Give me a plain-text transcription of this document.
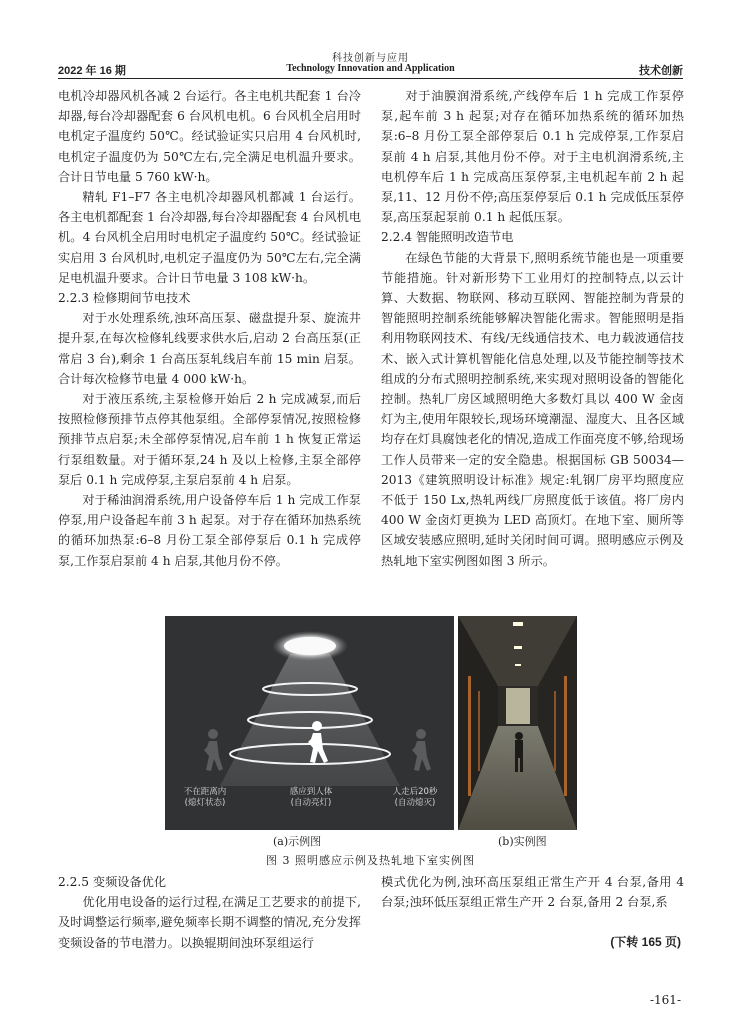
科技创新与应用
2022 年 16 期	Technology Innovation and Application	技术创新

电机冷却器风机各减 2 台运行。各主电机共配套 1 台冷却器,每台冷却器配套 6 台风机电机。6 台风机全启用时电机定子温度约 50℃。经试验证实只启用 4 台风机时,电机定子温度仍为 50℃左右,完全满足电机温升要求。合计日节电量 5 760 kW·h。

精轧 F1–F7 各主电机冷却器风机都减 1 台运行。各主电机都配套 1 台冷却器,每台冷却器配套 4 台风机电机。4 台风机全启用时电机定子温度约 50℃。经试验证实启用 3 台风机时,电机定子温度仍为 50℃左右,完全满足电机温升要求。合计日节电量 3 108 kW·h。

2.2.3 检修期间节电技术

对于水处理系统,浊环高压泵、磁盘提升泵、旋流井提升泵,在每次检修轧线要求供水后,启动 2 台高压泵(正常启 3 台),剩余 1 台高压泵轧线启车前 15 min 启泵。合计每次检修节电量 4 000 kW·h。

对于液压系统,主泵检修开始后 2 h 完成减泵,而后按照检修预排节点停其他泵组。全部停泵情况,按照检修预排节点启泵;未全部停泵情况,启车前 1 h 恢复正常运行泵组数量。对于循环泵,24 h 及以上检修,主泵全部停泵后 0.1 h 完成停泵,主泵启泵前 4 h 启泵。

对于稀油润滑系统,用户设备停车后 1 h 完成工作泵停泵,用户设备起车前 3 h 起泵。对于存在循环加热系统的循环加热泵:6–8 月份工泵全部停泵后 0.1 h 完成停泵,工作泵启泵前 4 h 启泵,其他月份不停。

对于油膜润滑系统,产线停车后 1 h 完成工作泵停泵,起车前 3 h 起泵;对存在循环加热系统的循环加热泵:6–8 月份工泵全部停泵后 0.1 h 完成停泵,工作泵启泵前 4 h 启泵,其他月份不停。对于主电机润滑系统,主电机停车后 1 h 完成高压泵停泵,主电机起车前 2 h 起泵,11、12 月份不停;高压泵停泵后 0.1 h 完成低压泵停泵,高压泵起泵前 0.1 h 起低压泵。

2.2.4 智能照明改造节电

在绿色节能的大背景下,照明系统节能也是一项重要节能措施。针对新形势下工业用灯的控制特点,以云计算、大数据、物联网、移动互联网、智能控制为背景的智能照明控制系统能够解决智能化需求。智能照明是指利用物联网技术、有线/无线通信技术、电力载波通信技术、嵌入式计算机智能化信息处理,以及节能控制等技术组成的分布式照明控制系统,来实现对照明设备的智能化控制。热轧厂房区域照明绝大多数灯具以 400 W 金卤灯为主,使用年限较长,现场环境潮湿、湿度大、且各区域均存在灯具腐蚀老化的情况,造成工作面亮度不够,给现场工作人员带来一定的安全隐患。根据国标 GB 50034—2013《建筑照明设计标准》规定:轧钢厂房平均照度应不低于 150 Lx,热轧两线厂房照度低于该值。将厂房内 400 W 金卤灯更换为 LED 高顶灯。在地下室、厕所等区域安装感应照明,延时关闭时间可调。照明感应示例及热轧地下室实例图如图 3 所示。

不在距离内
(熄灯状态)
感应到人体
(自动亮灯)
人走后20秒
(自动熄灭)
(a)示例图	(b)实例图
图 3 照明感应示例及热轧地下室实例图
2.2.5 变频设备优化

优化用电设备的运行过程,在满足工艺要求的前提下,及时调整运行频率,避免频率长期不调整的情况,充分发挥变频设备的节电潜力。以换辊期间浊环泵组运行

模式优化为例,浊环高压泵组正常生产开 4 台泵,备用 4 台泵;浊环低压泵组正常生产开 2 台泵,备用 2 台泵,系

(下转 165 页)
-161-
